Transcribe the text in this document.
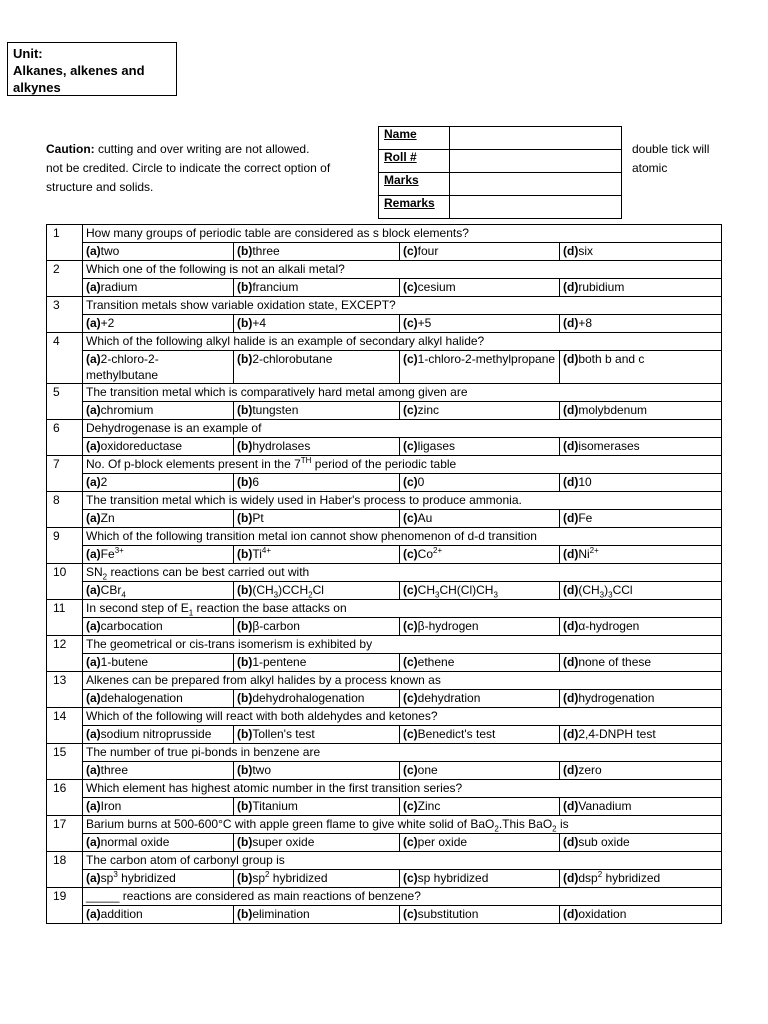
Unit:
Alkanes, alkenes and alkynes
Caution: cutting and over writing are not allowed.
not be credited. Circle to indicate the correct option of
structure and solids.
double tick will
atomic
Name	
Roll #	
Marks	
Remarks	
1	How many groups of periodic table are considered as s block elements?			
	(a)two	(b)three	(c)four	(d)six
2	Which one of the following is not an alkali metal?			
	(a)radium	(b)francium	(c)cesium	(d)rubidium
3	Transition metals show variable oxidation state, EXCEPT?			
	(a)+2	(b)+4	(c)+5	(d)+8
4	Which of the following alkyl halide is an example of secondary alkyl halide?			
	(a)2-chloro-2-methylbutane	(b)2-chlorobutane	(c)1-chloro-2-methylpropane	(d)both b and c
5	The transition metal which is comparatively hard metal among given are			
	(a)chromium	(b)tungsten	(c)zinc	(d)molybdenum
6	Dehydrogenase is an example of			
	(a)oxidoreductase	(b)hydrolases	(c)ligases	(d)isomerases
7	No. Of p-block elements present in the 7TH period of the periodic table			
	(a)2	(b)6	(c)0	(d)10
8	The transition metal which is widely used in Haber's process to produce ammonia.			
	(a)Zn	(b)Pt	(c)Au	(d)Fe
9	Which of the following transition metal ion cannot show phenomenon of d-d transition			
	$(a)Fe^{3+}$	$(b)Ti^{4+}$	$(c)Co^{2+}$	$(d)Ni^{2+}$
10	$SN_2$ reactions can be best carried out with			
	(a)CBr$_4$	$(b)(CH_3)CCH_2Cl$	$(c)CH_3CH(Cl)CH_3$	$(d)(CH_3)_3CCl$
11	In second step of $E_1$ reaction the base attacks on			
	(a)carbocation	(b)β-carbon	(c)β-hydrogen	(d)α-hydrogen
12	The geometrical or cis-trans isomerism is exhibited by			
	(a)1-butene	(b)1-pentene	(c)ethene	(d)none of these
13	Alkenes can be prepared from alkyl halides by a process known as			
	(a)dehalogenation	(b)dehydrohalogenation	(c)dehydration	(d)hydrogenation
14	Which of the following will react with both aldehydes and ketones?			
	(a)sodium nitroprusside	(b)Tollen's test	(c)Benedict's test	(d)2,4-DNPH test
15	The number of true pi-bonds in benzene are			
	(a)three	(b)two	(c)one	(d)zero
16	Which element has highest atomic number in the first transition series?			
	(a)Iron	(b)Titanium	(c)Zinc	(d)Vanadium
17	Barium burns at 500-600°C with apple green flame to give white solid of BaO$_2$.This BaO$_2$ is			
	(a)normal oxide	(b)super oxide	(c)per oxide	(d)sub oxide
18	The carbon atom of carbonyl group is			
	$(a)sp^3$ hybridized	$(b)sp^2$ hybridized	(c)sp hybridized	(d)dsp$^2$ hybridized
19	_____ reactions are considered as main reactions of benzene?			
	(a)addition	(b)elimination	(c)substitution	(d)oxidation
